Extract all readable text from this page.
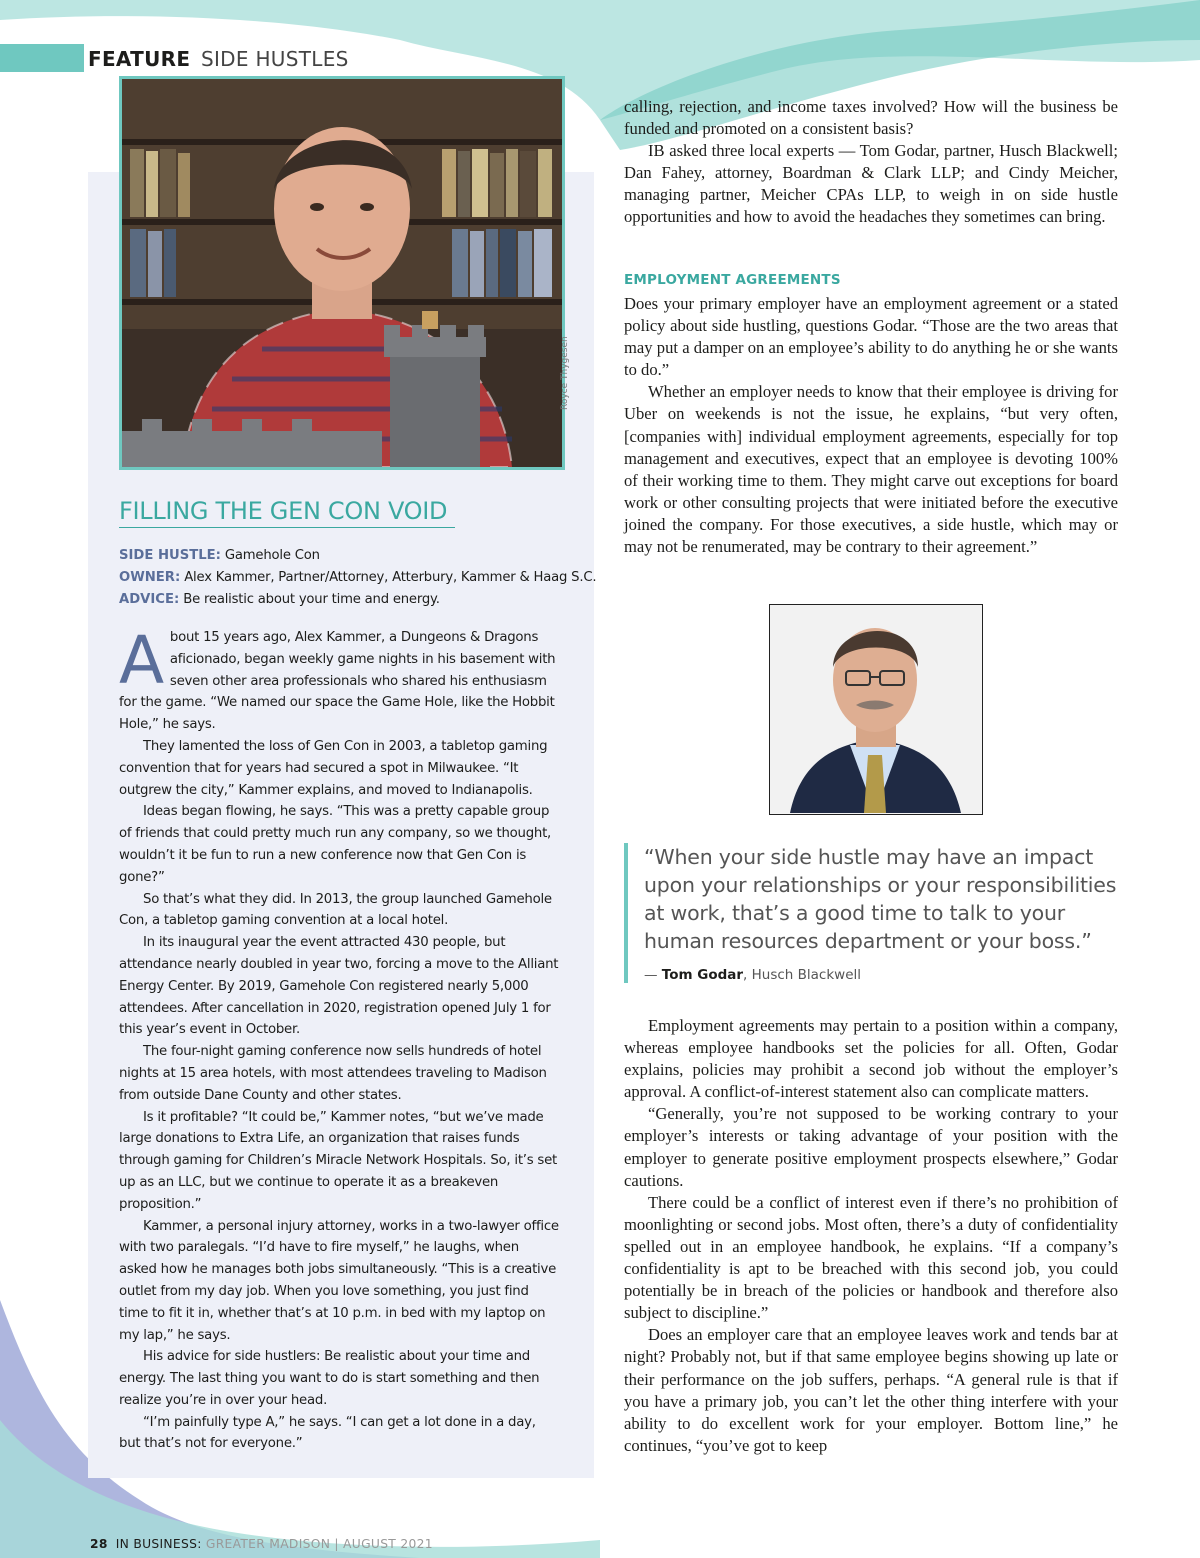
FEATURE SIDE HUSTLES
Royce Thygesen
FILLING THE GEN CON VOID

SIDE HUSTLE: Gamehole Con

OWNER: Alex Kammer, Partner/Attorney, Atterbury, Kammer & Haag S.C.

ADVICE: Be realistic about your time and energy.

About 15 years ago, Alex Kammer, a Dungeons & Dragons aficionado, began weekly game nights in his basement with seven other area professionals who shared his enthusiasm for the game. “We named our space the Game Hole, like the Hobbit Hole,” he says.

They lamented the loss of Gen Con in 2003, a tabletop gaming convention that for years had secured a spot in Milwaukee. “It outgrew the city,” Kammer explains, and moved to Indianapolis.

Ideas began flowing, he says. “This was a pretty capable group of friends that could pretty much run any company, so we thought, wouldn’t it be fun to run a new conference now that Gen Con is gone?”

So that’s what they did. In 2013, the group launched Gamehole Con, a tabletop gaming convention at a local hotel.

In its inaugural year the event attracted 430 people, but attendance nearly doubled in year two, forcing a move to the Alliant Energy Center. By 2019, Gamehole Con registered nearly 5,000 attendees. After cancellation in 2020, registration opened July 1 for this year’s event in October.

The four-night gaming conference now sells hundreds of hotel nights at 15 area hotels, with most attendees traveling to Madison from outside Dane County and other states.

Is it profitable? “It could be,” Kammer notes, “but we’ve made large donations to Extra Life, an organization that raises funds through gaming for Children’s Miracle Network Hospitals. So, it’s set up as an LLC, but we continue to operate it as a breakeven proposition.”

Kammer, a personal injury attorney, works in a two-lawyer office with two paralegals. “I’d have to fire myself,” he laughs, when asked how he manages both jobs simultaneously. “This is a creative outlet from my day job. When you love something, you just find time to fit it in, whether that’s at 10 p.m. in bed with my laptop on my lap,” he says.

His advice for side hustlers: Be realistic about your time and energy. The last thing you want to do is start something and then realize you’re in over your head.

“I’m painfully type A,” he says. “I can get a lot done in a day, but that’s not for everyone.”

calling, rejection, and income taxes involved? How will the business be funded and promoted on a consistent basis?

IB asked three local experts — Tom Godar, partner, Husch Blackwell; Dan Fahey, attorney, Boardman & Clark LLP; and Cindy Meicher, managing partner, Meicher CPAs LLP, to weigh in on side hustle opportunities and how to avoid the headaches they sometimes can bring.

EMPLOYMENT AGREEMENTS

Does your primary employer have an employment agreement or a stated policy about side hustling, questions Godar. “Those are the two areas that may put a damper on an employee’s ability to do anything he or she wants to do.”

Whether an employer needs to know that their employee is driving for Uber on weekends is not the issue, he explains, “but very often, [companies with] individual employment agreements, especially for top management and executives, expect that an employee is devoting 100% of their working time to them. They might carve out exceptions for board work or other consulting projects that were initiated before the executive joined the company. For those executives, a side hustle, which may or may not be renumerated, may be contrary to their agreement.”

“When your side hustle may have an impact upon your relationships or your responsibilities at work, that’s a good time to talk to your human resources department or your boss.”
— Tom Godar, Husch Blackwell

Employment agreements may pertain to a position within a company, whereas employee handbooks set the policies for all. Often, Godar explains, policies may prohibit a second job without the employer’s approval. A conflict-of-interest statement also can complicate matters.

“Generally, you’re not supposed to be working contrary to your employer’s interests or taking advantage of your position with the employer to generate positive employment prospects elsewhere,” Godar cautions.

There could be a conflict of interest even if there’s no prohibition of moonlighting or second jobs. Most often, there’s a duty of confidentiality spelled out in an employee handbook, he explains. “If a company’s confidentiality is apt to be breached with this second job, you could potentially be in breach of the policies or handbook and therefore also subject to discipline.”

Does an employer care that an employee leaves work and tends bar at night? Probably not, but if that same employee begins showing up late or their performance on the job suffers, perhaps. “A general rule is that if you have a primary job, you can’t let the other thing interfere with your ability to do excellent work for your employer. Bottom line,” he continues, “you’ve got to keep

28 IN BUSINESS: GREATER MADISON | AUGUST 2021
